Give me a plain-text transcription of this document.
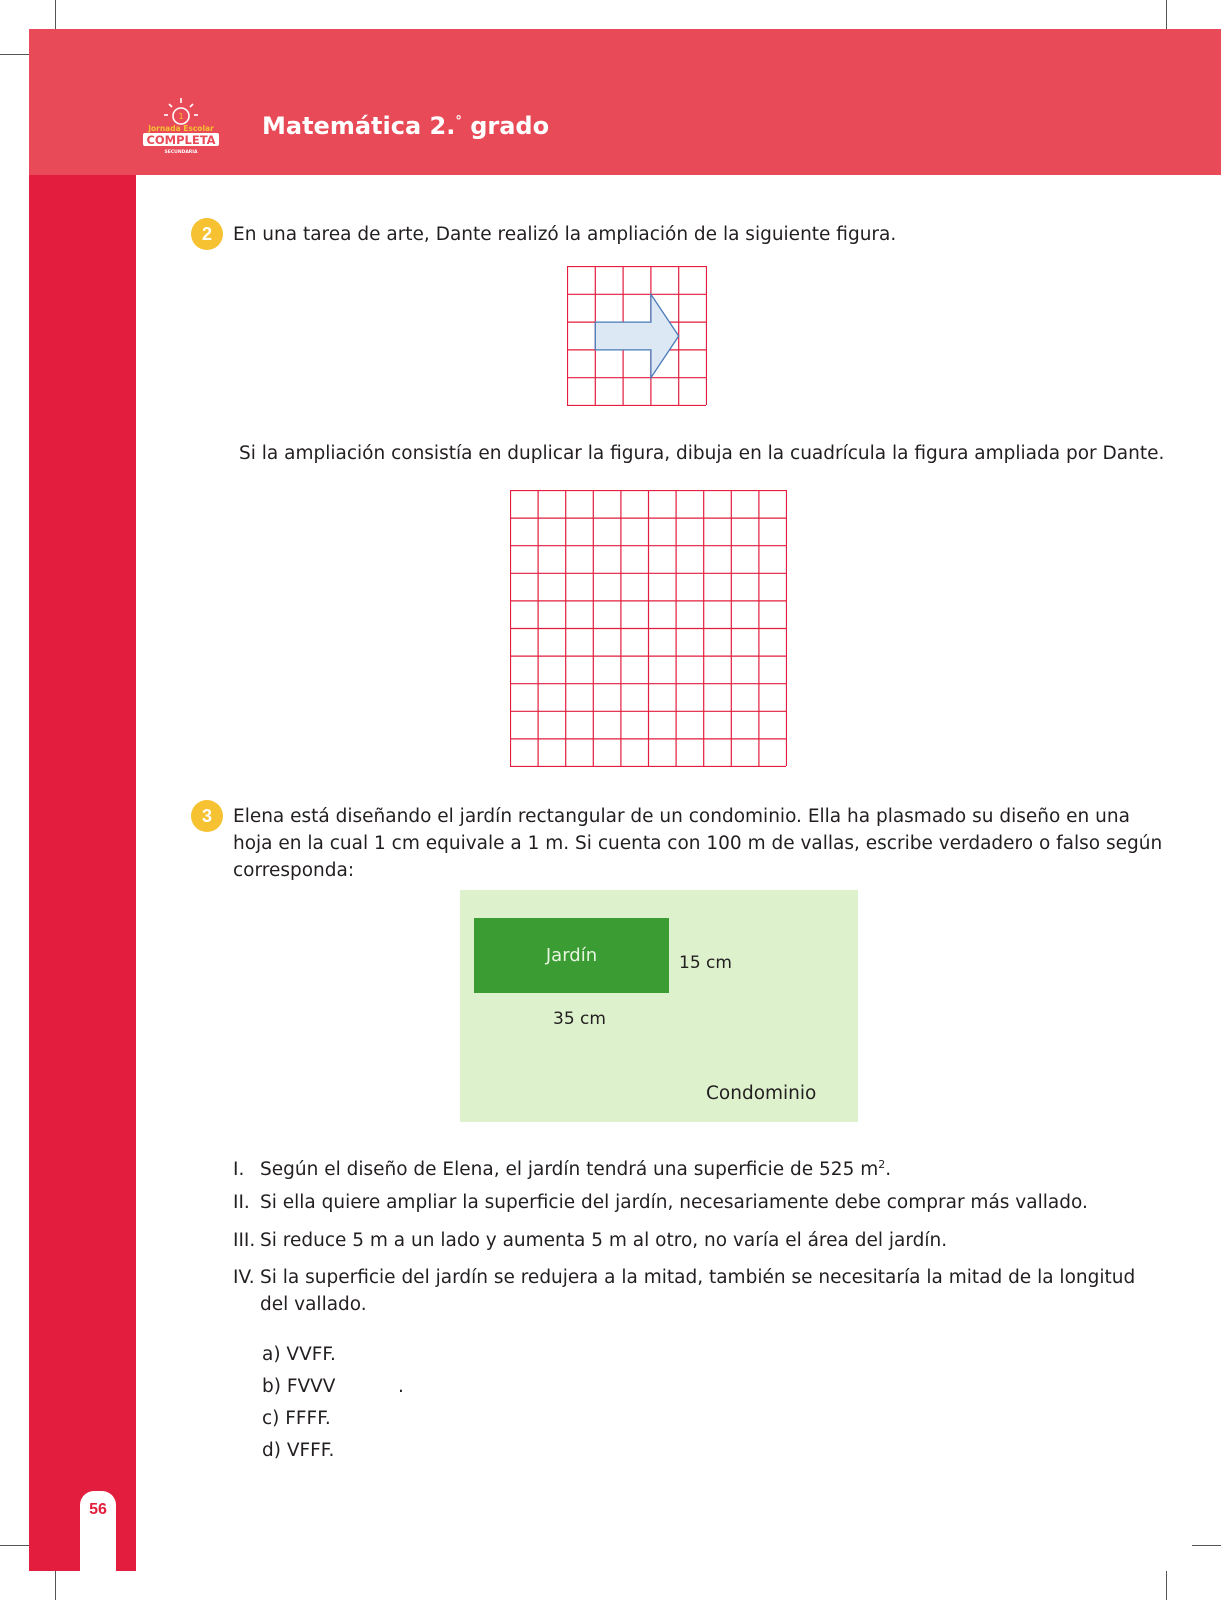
1
Jornada Escolar
COMPLETA
SECUNDARIA
Matemática 2.° grado
2	En una tarea de arte, Dante realizó la ampliación de la siguiente figura.
Si la ampliación consistía en duplicar la figura, dibuja en la cuadrícula la figura ampliada por Dante.
3	Elena está diseñando el jardín rectangular de un condominio. Ella ha plasmado su diseño en una
hoja en la cual 1 cm equivale a 1 m. Si cuenta con 100 m de vallas, escribe verdadero o falso según
corresponda:
Jardín	15 cm
35 cm
Condominio
I. Según el diseño de Elena, el jardín tendrá una superficie de 525 $m^2$.
II. Si ella quiere ampliar la superficie del jardín, necesariamente debe comprar más vallado.
III. Si reduce 5 m a un lado y aumenta 5 m al otro, no varía el área del jardín.
IV. Si la superficie del jardín se redujera a la mitad, también se necesitaría la mitad de la longitud
del vallado.
a) VVFF.
b) FVVV	.
c) FFFF.
d) VFFF.
56
